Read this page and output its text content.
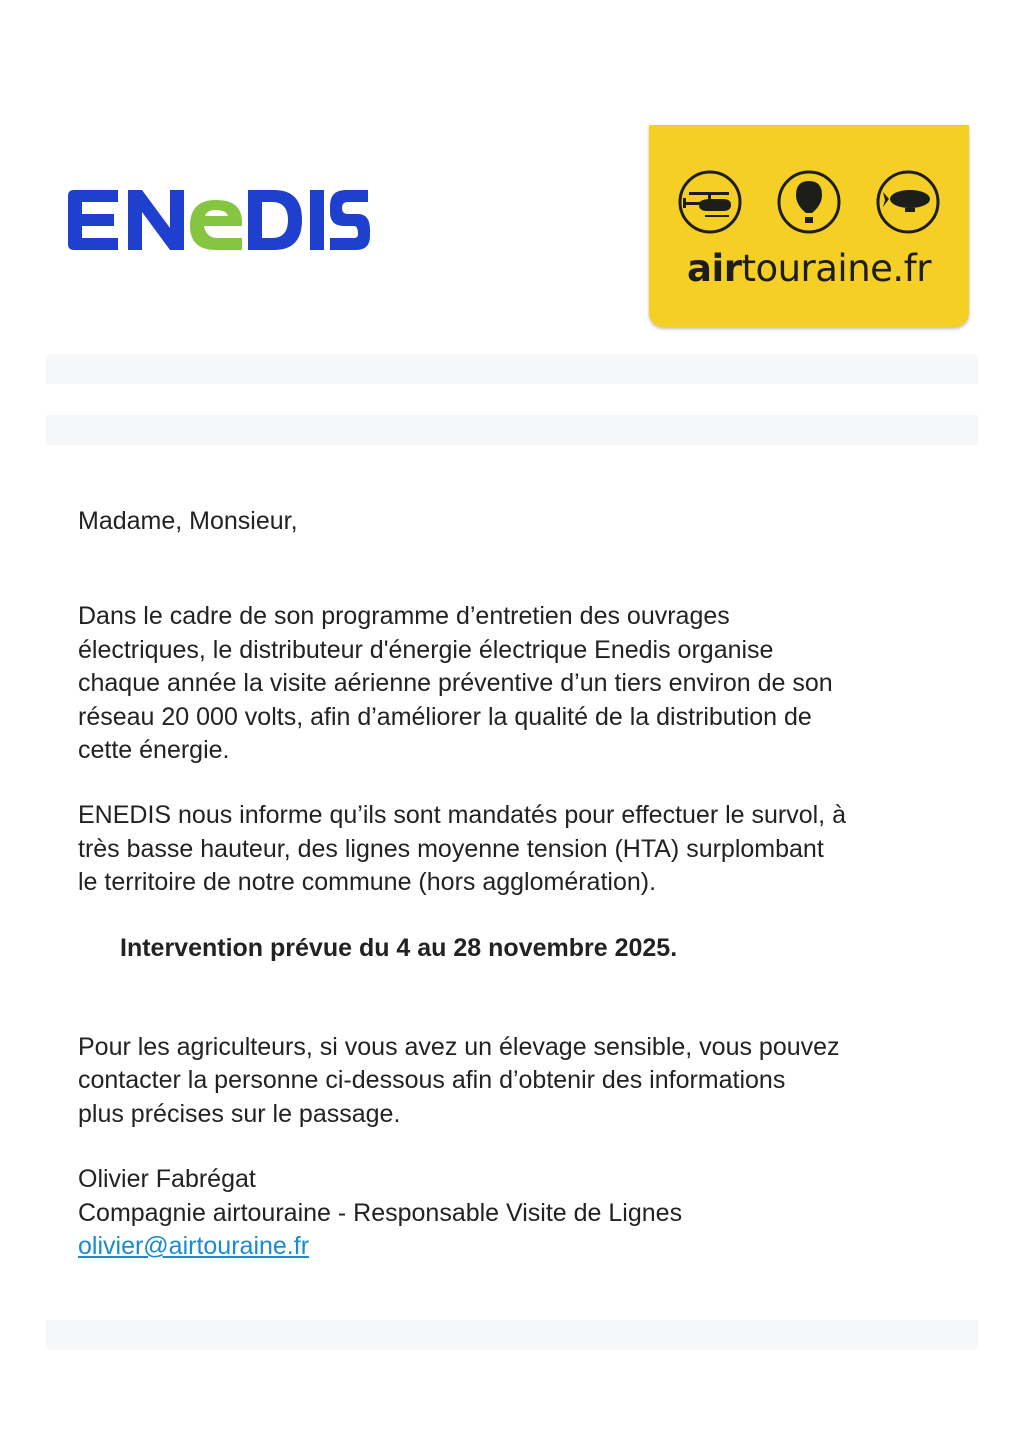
airtouraine.fr

Madame, Monsieur,

Dans le cadre de son programme d’entretien des ouvrages
électriques, le distributeur d'énergie électrique Enedis organise
chaque année la visite aérienne préventive d’un tiers environ de son
réseau 20 000 volts, afin d’améliorer la qualité de la distribution de
cette énergie.

ENEDIS nous informe qu’ils sont mandatés pour effectuer le survol, à
très basse hauteur, des lignes moyenne tension (HTA) surplombant
le territoire de notre commune (hors agglomération).

Intervention prévue du 4 au 28 novembre 2025.

Pour les agriculteurs, si vous avez un élevage sensible, vous pouvez
contacter la personne ci-dessous afin d’obtenir des informations
plus précises sur le passage.

Olivier Fabrégat
Compagnie airtouraine - Responsable Visite de Lignes
olivier@airtouraine.fr
